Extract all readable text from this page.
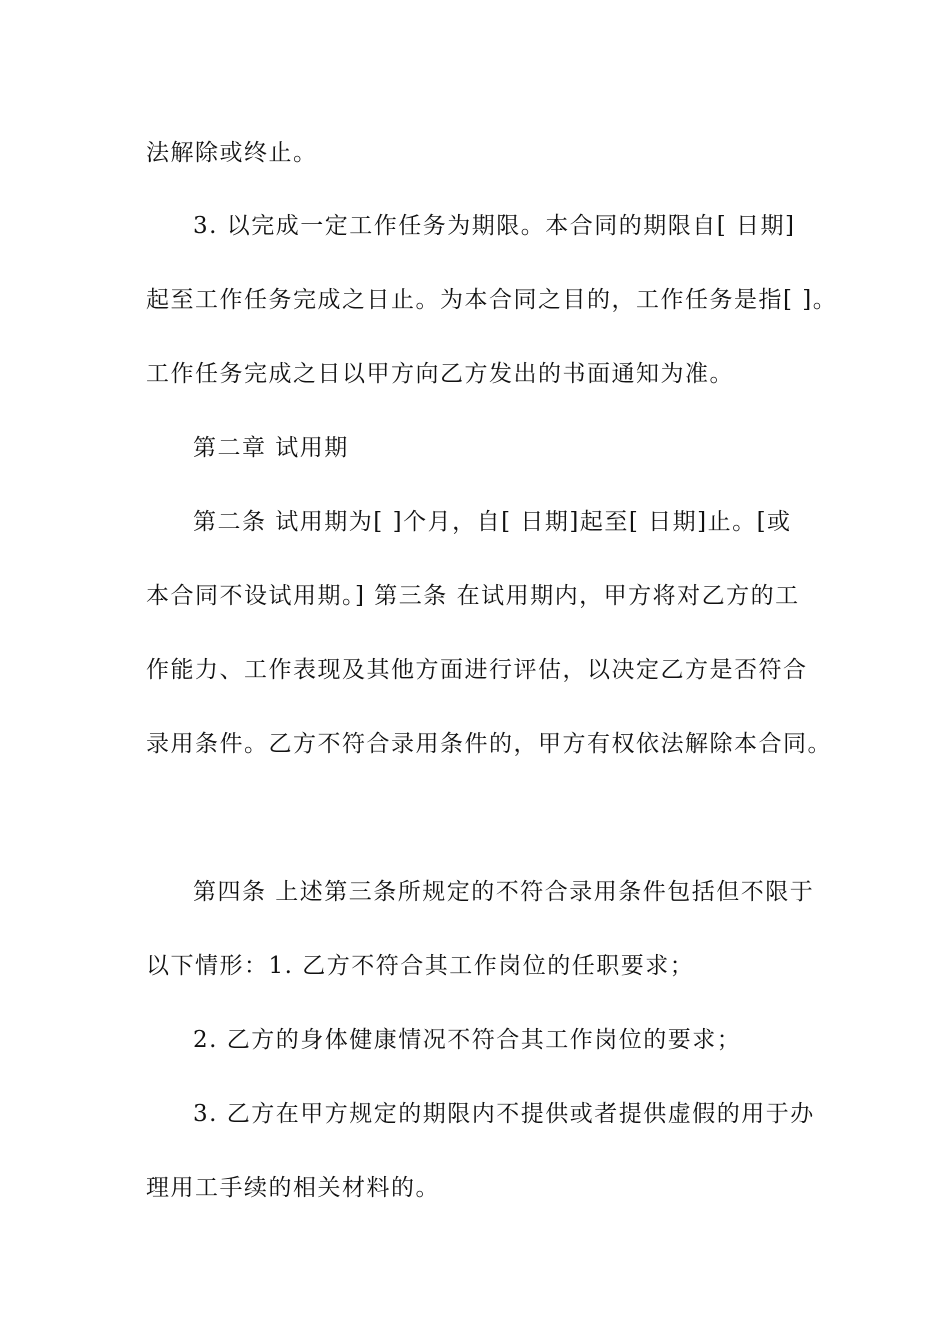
法解除或终止。
3. 以完成一定工作任务为期限。本合同的期限自[ 日期]
起至工作任务完成之日止。为本合同之目的，工作任务是指[ ]。
工作任务完成之日以甲方向乙方发出的书面通知为准。
第二章 试用期
第二条 试用期为[ ]个月，自[ 日期]起至[ 日期]止。[或
本合同不设试用期。] 第三条 在试用期内，甲方将对乙方的工
作能力、工作表现及其他方面进行评估，以决定乙方是否符合
录用条件。乙方不符合录用条件的，甲方有权依法解除本合同。
第四条 上述第三条所规定的不符合录用条件包括但不限于
以下情形：1. 乙方不符合其工作岗位的任职要求；
2. 乙方的身体健康情况不符合其工作岗位的要求；
3. 乙方在甲方规定的期限内不提供或者提供虚假的用于办
理用工手续的相关材料的。
